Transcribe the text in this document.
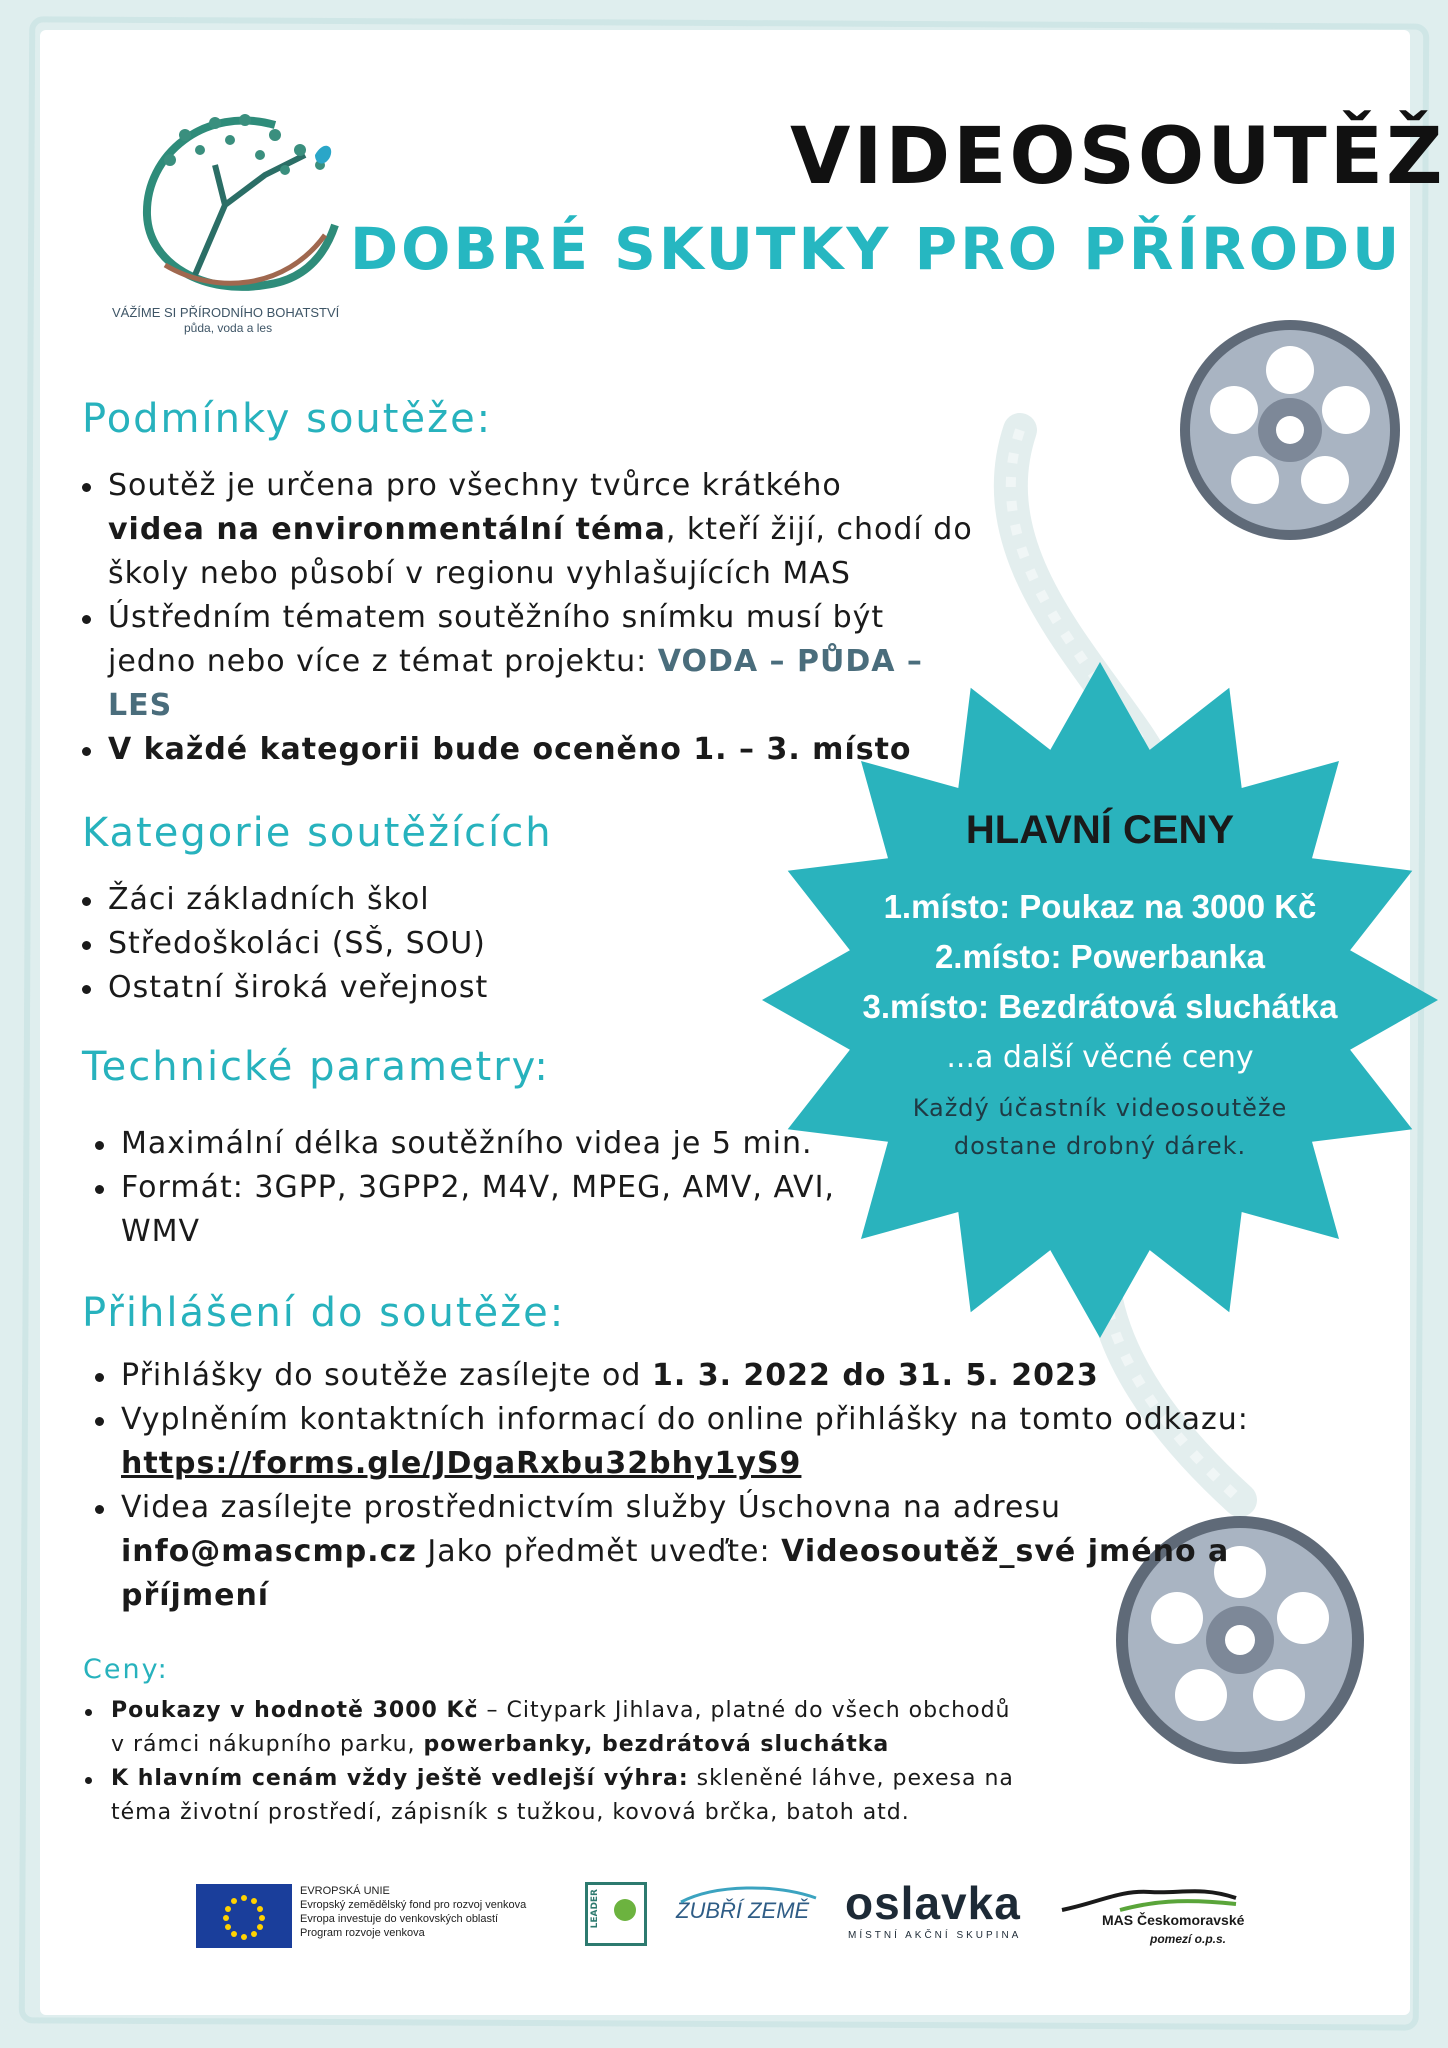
VÁŽÍME SI PŘÍRODNÍHO BOHATSTVÍ
půda, voda a les
VIDEOSOUTĚŽ
DOBRÉ SKUTKY PRO PŘÍRODU
Podmínky soutěže:
Soutěž je určena pro všechny tvůrce krátkého
videa na environmentální téma, kteří žijí, chodí do
školy nebo působí v regionu vyhlašujících MAS
Ústředním tématem soutěžního snímku musí být
jedno nebo více z témat projektu: VODA – PŮDA –
LES
V každé kategorii bude oceněno 1. – 3. místo
Kategorie soutěžících
Žáci základních škol
Středoškoláci (SŠ, SOU)
Ostatní široká veřejnost
Technické parametry:
Maximální délka soutěžního videa je 5 min.
Formát: 3GPP, 3GPP2, M4V, MPEG, AMV, AVI,
WMV
Přihlášení do soutěže:
Přihlášky do soutěže zasílejte od 1. 3. 2022 do 31. 5. 2023
Vyplněním kontaktních informací do online přihlášky na tomto odkazu:
https://forms.gle/JDgaRxbu32bhy1yS9
Videa zasílejte prostřednictvím služby Úschovna na adresu
info@mascmp.cz Jako předmět uveďte: Videosoutěž_své jméno a
příjmení
Ceny:
Poukazy v hodnotě 3000 Kč – Citypark Jihlava, platné do všech obchodů
v rámci nákupního parku, powerbanky, bezdrátová sluchátka
K hlavním cenám vždy ještě vedlejší výhra: skleněné láhve, pexesa na
téma životní prostředí, zápisník s tužkou, kovová brčka, batoh atd.
HLAVNÍ CENY
1.místo: Poukaz na 3000 Kč
2.místo: Powerbanka
3.místo: Bezdrátová sluchátka
...a další věcné ceny
Každý účastník videosoutěže
dostane drobný dárek.
EVROPSKÁ UNIE
Evropský zemědělský fond pro rozvoj venkova
Evropa investuje do venkovských oblastí
Program rozvoje venkova
LEADER	ZUBŘÍ ZEMĚ oslavka
MÍSTNÍ AKČNÍ SKUPINA
MAS Českomoravské
pomezí o.p.s.
